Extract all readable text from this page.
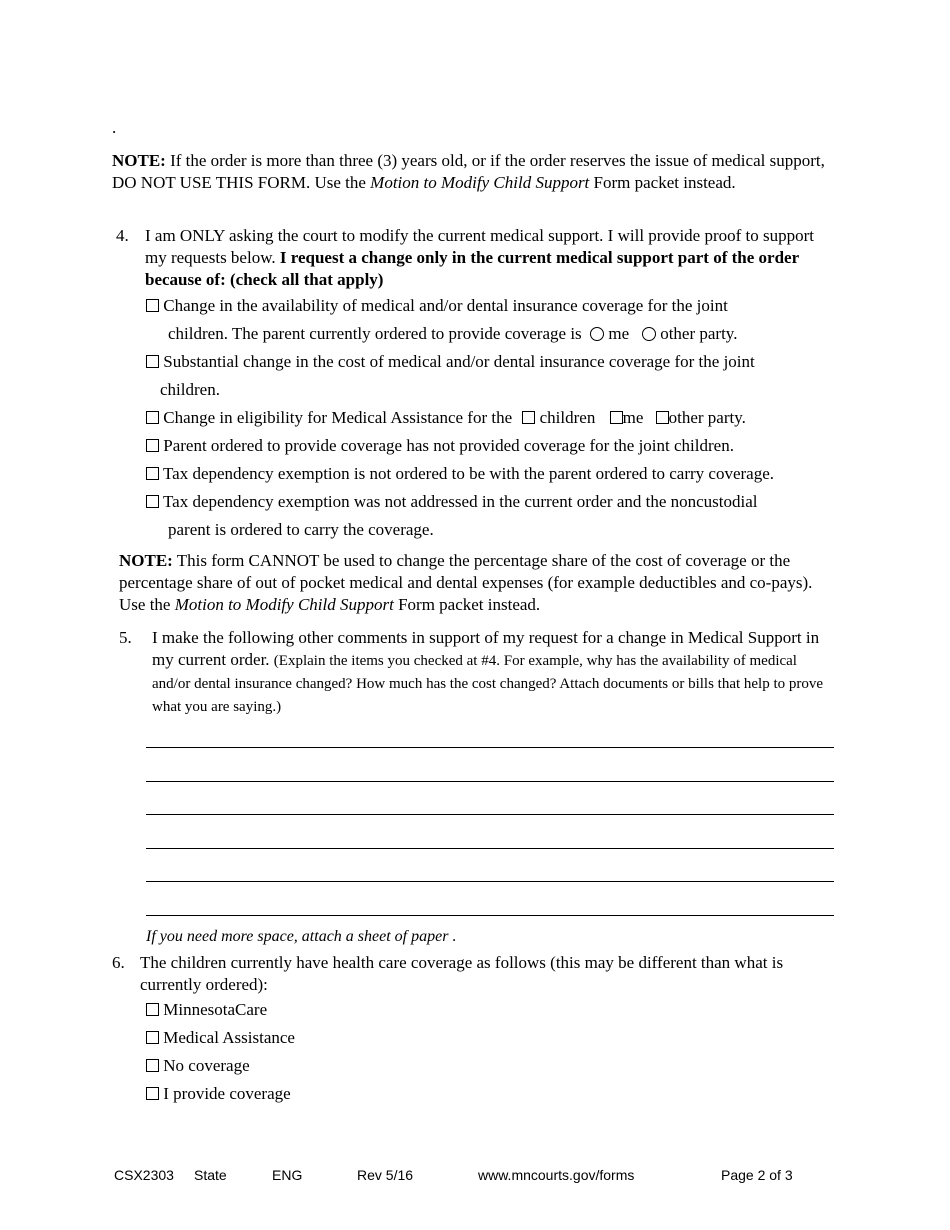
.
NOTE: If the order is more than three (3) years old, or if the order reserves the issue of medical support, DO NOT USE THIS FORM. Use the Motion to Modify Child Support Form packet instead.
4. I am ONLY asking the court to modify the current medical support. I will provide proof to support my requests below. I request a change only in the current medical support part of the order because of: (check all that apply)
Change in the availability of medical and/or dental insurance coverage for the joint
children. The parent currently ordered to provide coverage is me other party.
Substantial change in the cost of medical and/or dental insurance coverage for the joint
children.
Change in eligibility for Medical Assistance for the children me other party.
Parent ordered to provide coverage has not provided coverage for the joint children.
Tax dependency exemption is not ordered to be with the parent ordered to carry coverage.
Tax dependency exemption was not addressed in the current order and the noncustodial
parent is ordered to carry the coverage.
NOTE: This form CANNOT be used to change the percentage share of the cost of coverage or the percentage share of out of pocket medical and dental expenses (for example deductibles and co-pays). Use the Motion to Modify Child Support Form packet instead.
5. I make the following other comments in support of my request for a change in Medical Support in my current order. (Explain the items you checked at #4. For example, why has the availability of medical and/or dental insurance changed? How much has the cost changed? Attach documents or bills that help to prove what you are saying.)
If you need more space, attach a sheet of paper .
6. The children currently have health care coverage as follows (this may be different than what is currently ordered):
MinnesotaCare
Medical Assistance
No coverage
I provide coverage
CSX2303 State	ENG	Rev 5/16	www.mncourts.gov/forms	Page 2 of 3
